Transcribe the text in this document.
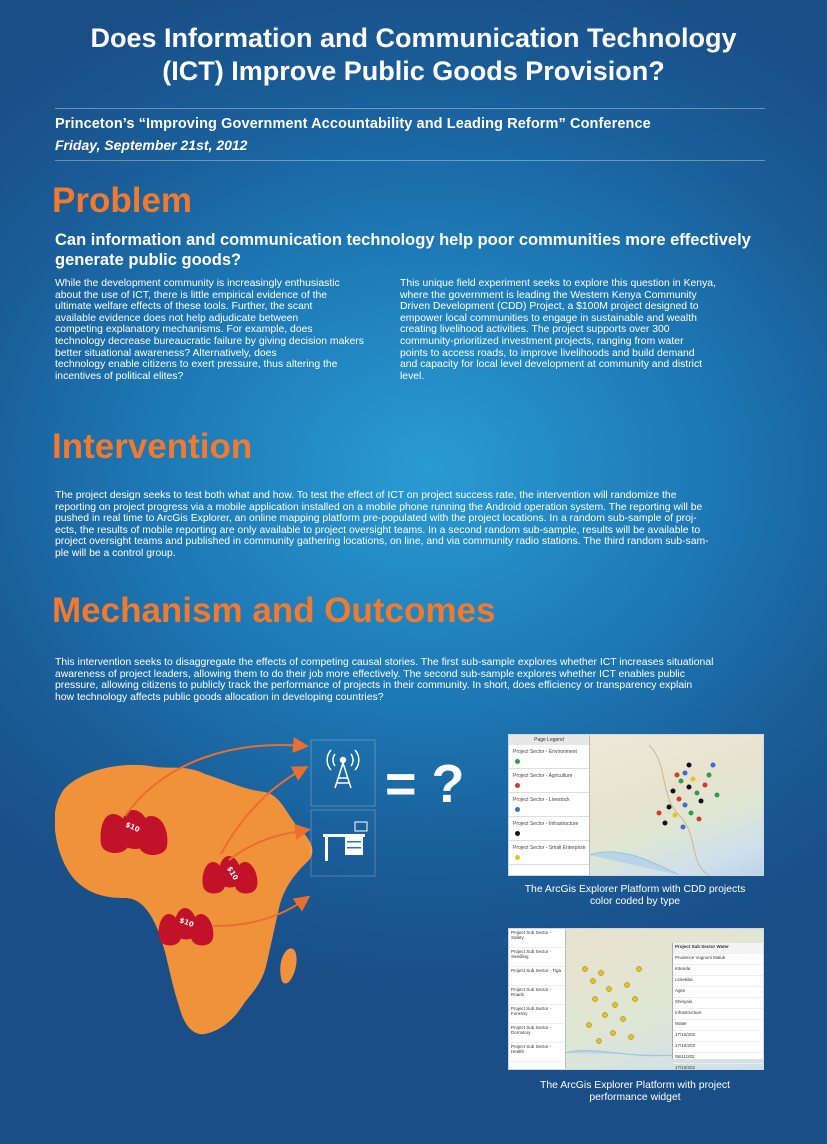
Does Information and Communication Technology
(ICT) Improve Public Goods Provision?
Princeton’s “Improving Government Accountability and Leading Reform” Conference
Friday, September 21st, 2012
Problem
Can information and communication technology help poor communities more effectively
generate public goods?
While the development community is increasingly enthusiastic
about the use of ICT, there is little empirical evidence of the
ultimate welfare effects of these tools. Further, the scant
available evidence does not help adjudicate between
competing explanatory mechanisms. For example, does
technology decrease bureaucratic failure by giving decision makers
better situational awareness? Alternatively, does
technology enable citizens to exert pressure, thus altering the
incentives of political elites?
This unique field experiment seeks to explore this question in Kenya,
where the government is leading the Western Kenya Community
Driven Development (CDD) Project, a $100M project designed to
empower local communities to engage in sustainable and wealth
creating livelihood activities. The project supports over 300
community-prioritized investment projects, ranging from water
points to access roads, to improve livelihoods and build demand
and capacity for local level development at community and district
level.
Intervention
The project design seeks to test both what and how. To test the effect of ICT on project success rate, the intervention will randomize the
reporting on project progress via a mobile application installed on a mobile phone running the Android operation system. The reporting will be
pushed in real time to ArcGis Explorer, an online mapping platform pre-populated with the project locations. In a random sub-sample of proj-
ects, the results of mobile reporting are only available to project oversight teams. In a second random sub-sample, results will be available to
project oversight teams and published in community gathering locations, on line, and via community radio stations. The third random sub-sam-
ple will be a control group.
Mechanism and Outcomes
This intervention seeks to disaggregate the effects of competing causal stories. The first sub-sample explores whether ICT increases situational
awareness of project leaders, allowing them to do their job more effectively. The second sub-sample explores whether ICT enables public
pressure, allowing citizens to publicly track the performance of projects in their community. In short, does efficiency or transparency explain
how technology affects public goods allocation in developing countries?
$10
$10
$10
= ?
Page Legend
Project Sector - Environment
Project Sector - Agriculture
Project Sector - Livestock
Project Sector - Infrastructure
Project Sector - Small Enterprise
The ArcGis Explorer Platform with CDD projects
color coded by type
Project Sub Sector - Safety
Project Sub Sector - Seedling
Project Sub Sector - Tiga
Project Sub Sector - Roads
Project Sub Sector - Forestry
Project Sub Sector - Dormitory
Project Sub Sector - Health
Project Sub Sector Water
Prudence Vugnoni Maluk
Kitenda
Limekilai
Agini
Shinyalu
Infrastructure
Water
17/10/202
17/10/202
06/11/202
17/10/202
The ArcGis Explorer Platform with project
performance widget
